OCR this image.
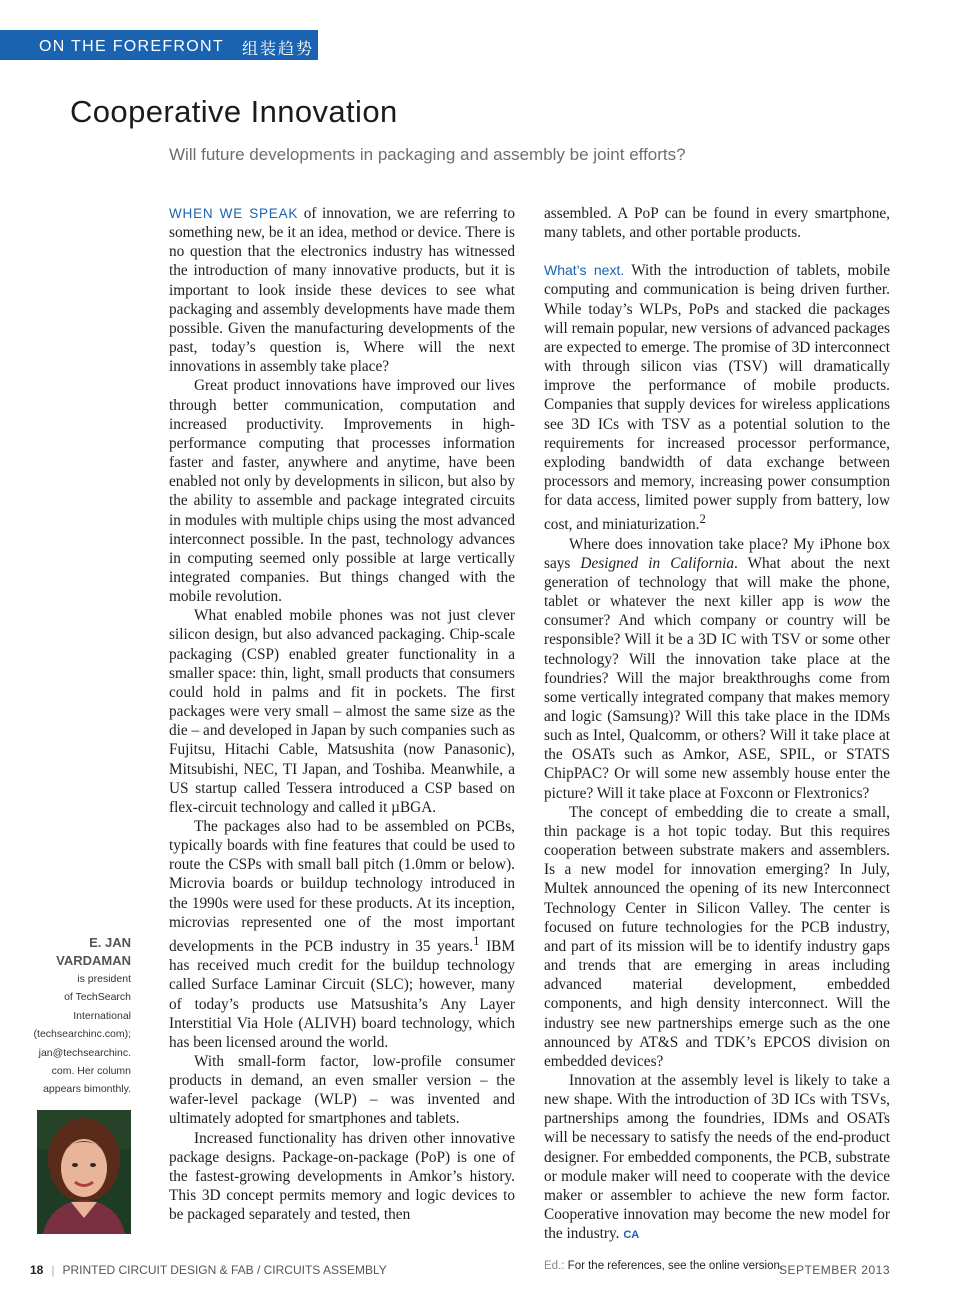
ON THE FOREFRONT 组装趋势
Cooperative Innovation

Will future developments in packaging and assembly be joint efforts?

WHEN WE SPEAK of innovation, we are referring to something new, be it an idea, method or device. There is no question that the electronics industry has witnessed the introduction of many innovative products, but it is important to look inside these devices to see what packaging and assembly developments have made them possible. Given the manufacturing developments of the past, today’s question is, Where will the next innovations in assembly take place?

Great product innovations have improved our lives through better communication, computation and increased productivity. Improvements in high-performance computing that processes information faster and faster, anywhere and anytime, have been enabled not only by developments in silicon, but also by the ability to assemble and package integrated circuits in modules with multiple chips using the most advanced interconnect possible. In the past, technology advances in computing seemed only possible at large vertically integrated companies. But things changed with the mobile revolution.

What enabled mobile phones was not just clever silicon design, but also advanced packaging. Chip-scale packaging (CSP) enabled greater functionality in a smaller space: thin, light, small products that consumers could hold in palms and fit in pockets. The first packages were very small – almost the same size as the die – and developed in Japan by such companies such as Fujitsu, Hitachi Cable, Matsushita (now Panasonic), Mitsubishi, NEC, TI Japan, and Toshiba. Meanwhile, a US startup called Tessera introduced a CSP based on flex-circuit technology and called it µBGA.

The packages also had to be assembled on PCBs, typically boards with fine features that could be used to route the CSPs with small ball pitch (1.0mm or below). Microvia boards or buildup technology introduced in the 1990s were used for these products. At its inception, microvias represented one of the most important developments in the PCB industry in 35 years.$^1$ IBM has received much credit for the buildup technology called Surface Laminar Circuit (SLC); however, many of today’s products use Matsushita’s Any Layer Interstitial Via Hole (ALIVH) board technology, which has been licensed around the world.

With small-form factor, low-profile consumer products in demand, an even smaller version – the wafer-level package (WLP) – was invented and ultimately adopted for smartphones and tablets.

Increased functionality has driven other innovative package designs. Package-on-package (PoP) is one of the fastest-growing developments in Amkor’s history. This 3D concept permits memory and logic devices to be packaged separately and tested, then

assembled. A PoP can be found in every smartphone, many tablets, and other portable products.

What’s next. With the introduction of tablets, mobile computing and communication is being driven further. While today’s WLPs, PoPs and stacked die packages will remain popular, new versions of advanced packages are expected to emerge. The promise of 3D interconnect with through silicon vias (TSV) will dramatically improve the performance of mobile products. Companies that supply devices for wireless applications see 3D ICs with TSV as a potential solution to the requirements for increased processor performance, exploding bandwidth of data exchange between processors and memory, increasing power consumption for data access, limited power supply from battery, low cost, and miniaturization.$^2$

Where does innovation take place? My iPhone box says Designed in California. What about the next generation of technology that will make the phone, tablet or whatever the next killer app is wow the consumer? And which company or country will be responsible? Will it be a 3D IC with TSV or some other technology? Will the innovation take place at the foundries? Will the major breakthroughs come from some vertically integrated company that makes memory and logic (Samsung)? Will this take place in the IDMs such as Intel, Qualcomm, or others? Will it take place at the OSATs such as Amkor, ASE, SPIL, or STATS ChipPAC? Or will some new assembly house enter the picture? Will it take place at Foxconn or Flextronics?

The concept of embedding die to create a small, thin package is a hot topic today. But this requires cooperation between substrate makers and assemblers. Is a new model for innovation emerging? In July, Multek announced the opening of its new Interconnect Technology Center in Silicon Valley. The center is focused on future technologies for the PCB industry, and part of its mission will be to identify industry gaps and trends that are emerging in areas including advanced material development, embedded components, and high density interconnect. Will the industry see new partnerships emerge such as the one announced by AT&S and TDK’s EPCOS division on embedded devices?

Innovation at the assembly level is likely to take a new shape. With the introduction of 3D ICs with TSVs, partnerships among the foundries, IDMs and OSATs will be necessary to satisfy the needs of the end-product designer. For embedded components, the PCB, substrate or module maker will need to cooperate with the device maker or assembler to achieve the new form factor. Cooperative innovation may become the new model for the industry. CA

Ed.: For the references, see the online version.
E. JAN
VARDAMAN
is president
of TechSearch
International
(techsearchinc.com);
jan@techsearchinc.
com. Her column
appears bimonthly.
18 | PRINTED CIRCUIT DESIGN & FAB / CIRCUITS ASSEMBLY	SEPTEMBER 2013
